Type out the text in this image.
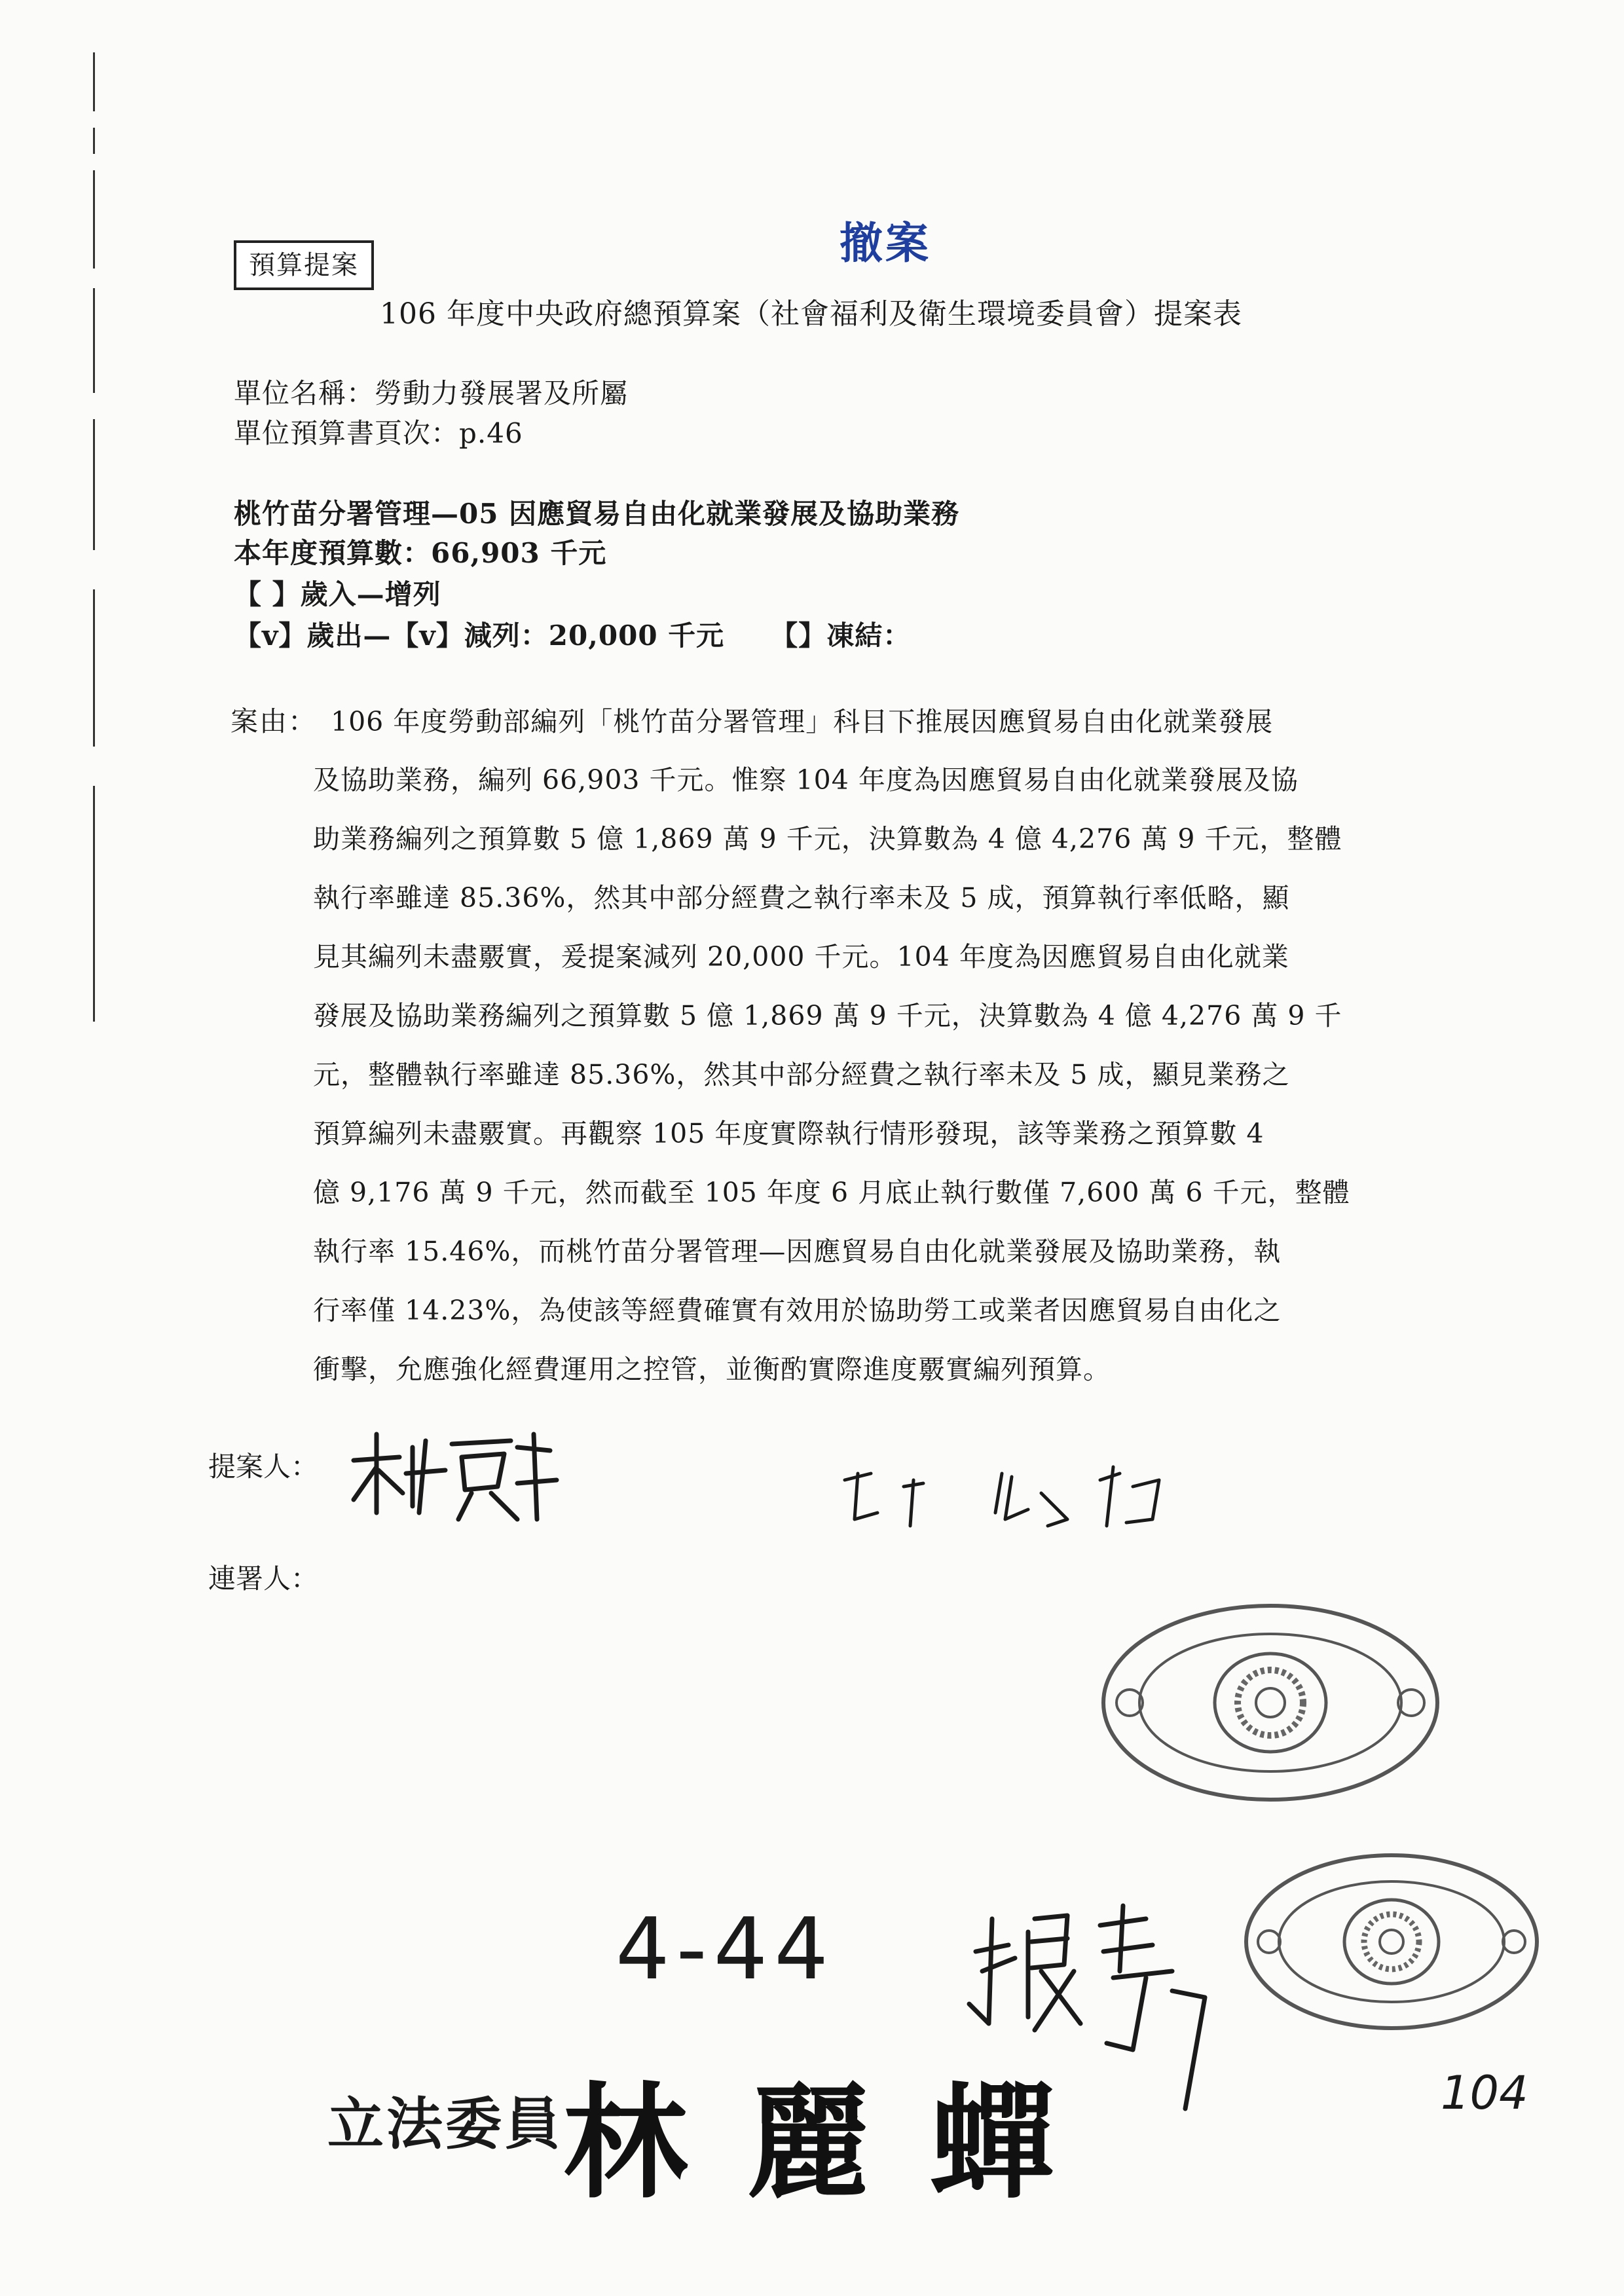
撤案
預算提案
106 年度中央政府總預算案（社會福利及衛生環境委員會）提案表
單位名稱：勞動力發展署及所屬
單位預算書頁次：p.46
桃竹苗分署管理—05 因應貿易自由化就業發展及協助業務
本年度預算數：66,903 千元
【 】歲入—增列
【v】歲出—【v】減列：20,000 千元 【】凍結：
案由： 106 年度勞動部編列「桃竹苗分署管理」科目下推展因應貿易自由化就業發展
及協助業務，編列 66,903 千元。惟察 104 年度為因應貿易自由化就業發展及協
助業務編列之預算數 5 億 1,869 萬 9 千元，決算數為 4 億 4,276 萬 9 千元，整體
執行率雖達 85.36%，然其中部分經費之執行率未及 5 成，預算執行率低略，顯
見其編列未盡覈實，爰提案減列 20,000 千元。104 年度為因應貿易自由化就業
發展及協助業務編列之預算數 5 億 1,869 萬 9 千元，決算數為 4 億 4,276 萬 9 千
元，整體執行率雖達 85.36%，然其中部分經費之執行率未及 5 成，顯見業務之
預算編列未盡覈實。再觀察 105 年度實際執行情形發現，該等業務之預算數 4
億 9,176 萬 9 千元，然而截至 105 年度 6 月底止執行數僅 7,600 萬 6 千元，整體
執行率 15.46%，而桃竹苗分署管理—因應貿易自由化就業發展及協助業務，執
行率僅 14.23%，為使該等經費確實有效用於協助勞工或業者因應貿易自由化之
衝擊，允應強化經費運用之控管，並衡酌實際進度覈實編列預算。
提案人：
連署人：
4-44
立法委員 林麗蟬	104
